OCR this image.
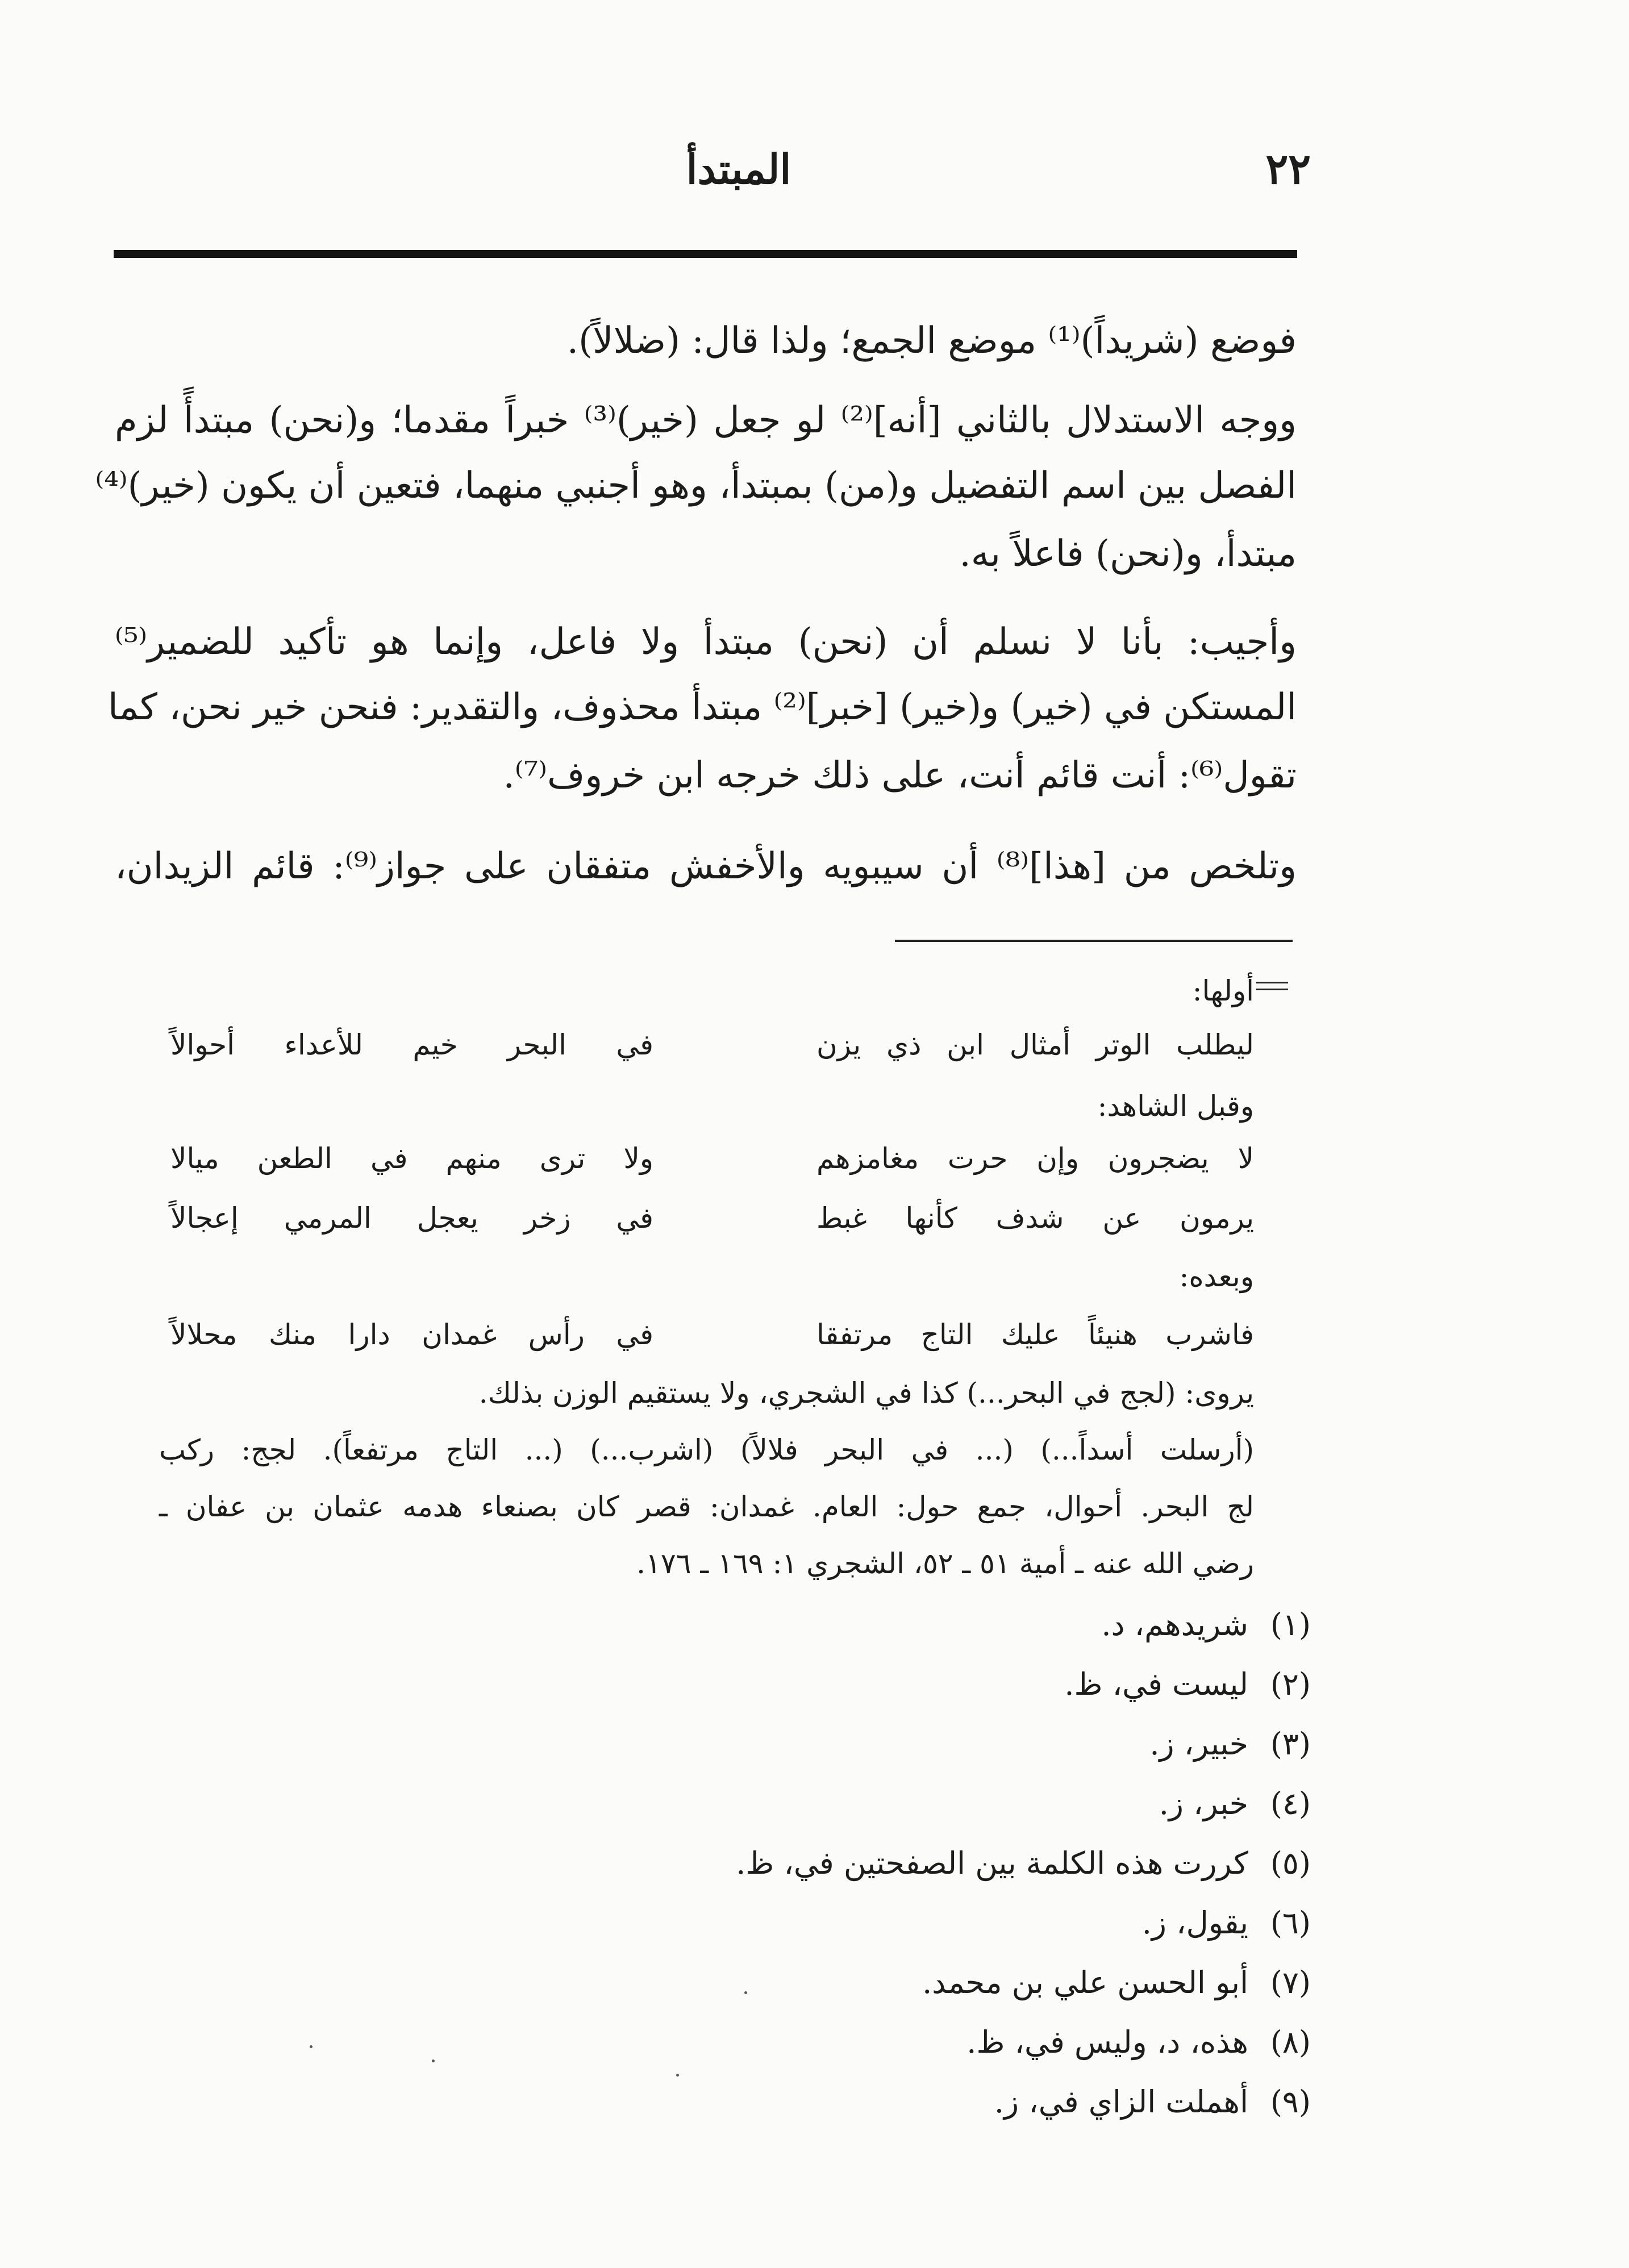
٢٢
المبتدأ
فوضع (شريداً)⁽¹⁾ موضع الجمع؛ ولذا قال: (ضلالاً).
ووجه الاستدلال بالثاني [أنه]⁽²⁾ لو جعل (خير)⁽³⁾ خبراً مقدما؛ و(نحن) مبتدأً لزم
الفصل بين اسم التفضيل و(من) بمبتدأ، وهو أجنبي منهما، فتعين أن يكون (خير)⁽⁴⁾
مبتدأ، و(نحن) فاعلاً به.
وأجيب: بأنا لا نسلم أن (نحن) مبتدأ ولا فاعل، وإنما هو تأكيد للضمير⁽⁵⁾
المستكن في (خير) و(خير) [خبر]⁽²⁾ مبتدأ محذوف، والتقدير: فنحن خير نحن، كما
تقول⁽⁶⁾: أنت قائم أنت، على ذلك خرجه ابن خروف⁽⁷⁾.
وتلخص من [هذا]⁽⁸⁾ أن سيبويه والأخفش متفقان على جواز⁽⁹⁾: قائم الزيدان،
أولها:
ليطلب الوتر أمثال ابن ذي يزن
في البحر خيم للأعداء أحوالاً
وقبل الشاهد:
لا يضجرون وإن حرت مغامزهم
ولا ترى منهم في الطعن ميالا
يرمون عن شدف كأنها غبط
في زخر يعجل المرمي إعجالاً
وبعده:
فاشرب هنيئاً عليك التاج مرتفقا
في رأس غمدان دارا منك محلالاً
يروى: (لجج في البحر...) كذا في الشجري، ولا يستقيم الوزن بذلك.
(أرسلت أسداً...) (... في البحر فلالاً) (اشرب...) (... التاج مرتفعاً). لجج: ركب
لج البحر. أحوال، جمع حول: العام. غمدان: قصر كان بصنعاء هدمه عثمان بن عفان ـ
رضي الله عنه ـ أمية ٥١ ـ ٥٢، الشجري ١: ١٦٩ ـ ١٧٦.
(١)شريدهم، د.
(٢)ليست في، ظ.
(٣)خبير، ز.
(٤)خبر، ز.
(٥)كررت هذه الكلمة بين الصفحتين في، ظ.
(٦)يقول، ز.
(٧)أبو الحسن علي بن محمد.
(٨)هذه، د، وليس في، ظ.
(٩)أهملت الزاي في، ز.
